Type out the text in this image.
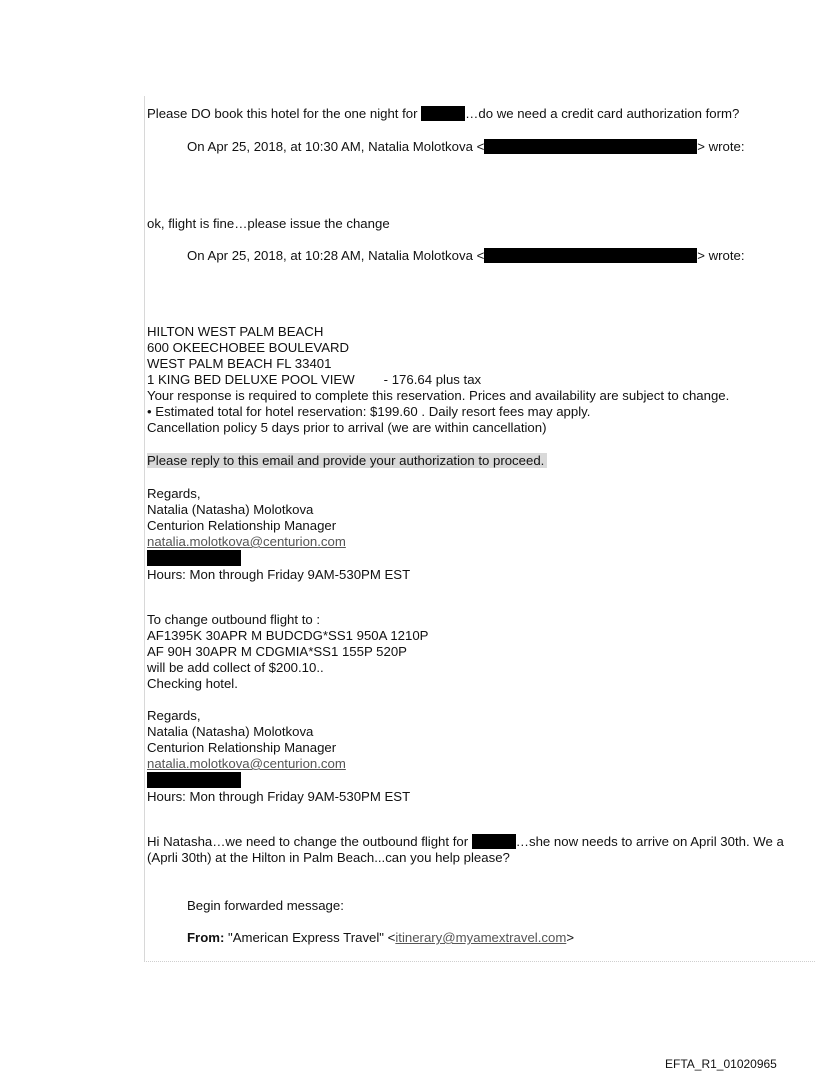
Please DO book this hotel for the one night for	…do we need a credit card authorization form?
On Apr 25, 2018, at 10:30 AM, Natalia Molotkova <	> wrote:
ok, flight is fine…please issue the change
On Apr 25, 2018, at 10:28 AM, Natalia Molotkova <	> wrote:
HILTON WEST PALM BEACH
600 OKEECHOBEE BOULEVARD
WEST PALM BEACH FL 33401
1 KING BED DELUXE POOL VIEW - 176.64 plus tax
Your response is required to complete this reservation. Prices and availability are subject to change.
• Estimated total for hotel reservation: $199.60 . Daily resort fees may apply.
Cancellation policy 5 days prior to arrival (we are within cancellation)
Please reply to this email and provide your authorization to proceed.
Regards,
Natalia (Natasha) Molotkova
Centurion Relationship Manager
natalia.molotkova@centurion.com
Hours: Mon through Friday 9AM-530PM EST
To change outbound flight to :
AF1395K 30APR M BUDCDG*SS1 950A 1210P
AF 90H 30APR M CDGMIA*SS1 155P 520P
will be add collect of $200.10..
Checking hotel.
Regards,
Natalia (Natasha) Molotkova
Centurion Relationship Manager
natalia.molotkova@centurion.com
Hours: Mon through Friday 9AM-530PM EST
Hi Natasha…we need to change the outbound flight for	…she now needs to arrive on April 30th. We a
(Aprli 30th) at the Hilton in Palm Beach...can you help please?
Begin forwarded message:
From: "American Express Travel" <itinerary@myamextravel.com>
EFTA_R1_01020965
